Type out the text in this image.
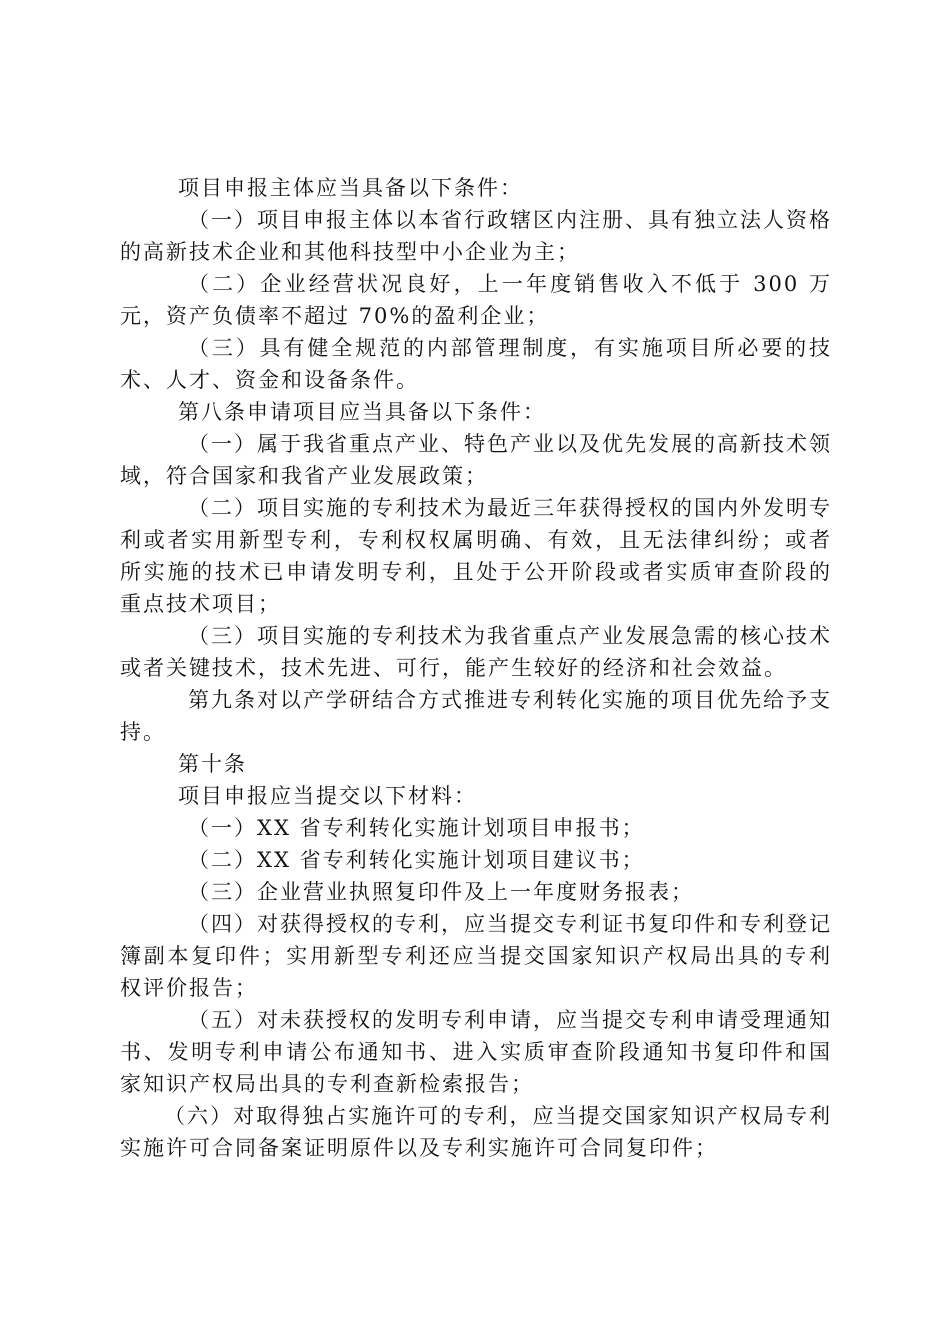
项目申报主体应当具备以下条件：

（一）项目申报主体以本省行政辖区内注册、具有独立法人资格的高新技术企业和其他科技型中小企业为主；

（二）企业经营状况良好，上一年度销售收入不低于 300 万元，资产负债率不超过 70%的盈利企业；

（三）具有健全规范的内部管理制度，有实施项目所必要的技术、人才、资金和设备条件。

第八条申请项目应当具备以下条件：

（一）属于我省重点产业、特色产业以及优先发展的高新技术领域，符合国家和我省产业发展政策；

（二）项目实施的专利技术为最近三年获得授权的国内外发明专利或者实用新型专利，专利权权属明确、有效，且无法律纠纷；或者所实施的技术已申请发明专利，且处于公开阶段或者实质审查阶段的重点技术项目；

（三）项目实施的专利技术为我省重点产业发展急需的核心技术或者关键技术，技术先进、可行，能产生较好的经济和社会效益。

第九条对以产学研结合方式推进专利转化实施的项目优先给予支持。

第十条

项目申报应当提交以下材料：

（一）XX 省专利转化实施计划项目申报书；

（二）XX 省专利转化实施计划项目建议书；

（三）企业营业执照复印件及上一年度财务报表；

（四）对获得授权的专利，应当提交专利证书复印件和专利登记簿副本复印件；实用新型专利还应当提交国家知识产权局出具的专利权评价报告；

（五）对未获授权的发明专利申请，应当提交专利申请受理通知书、发明专利申请公布通知书、进入实质审查阶段通知书复印件和国家知识产权局出具的专利查新检索报告；

（六）对取得独占实施许可的专利，应当提交国家知识产权局专利实施许可合同备案证明原件以及专利实施许可合同复印件；
